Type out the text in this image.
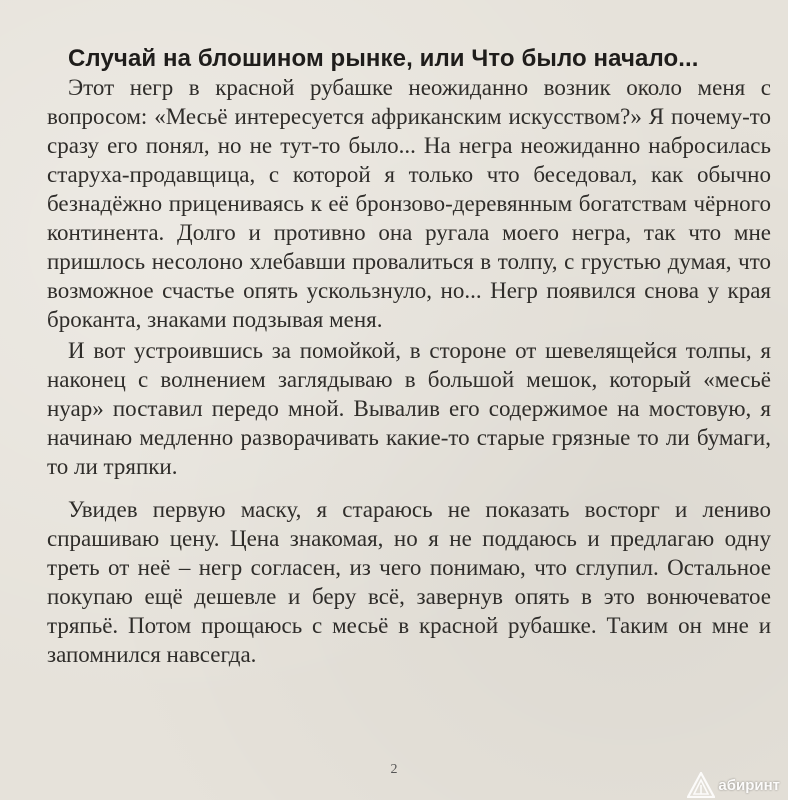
Случай на блошином рынке, или Что было начало...

Этот негр в красной рубашке неожиданно возник около меня с вопросом: «Месьё интересуется африканским искусством?» Я почему-то сразу его понял, но не тут-то было... На негра неожиданно набросилась старуха-продавщица, с которой я только что беседовал, как обычно безнадёжно прицениваясь к её бронзово-деревянным богатствам чёрного континента. Долго и противно она ругала моего негра, так что мне пришлось несолоно хлебавши провалиться в толпу, с грустью думая, что возможное счастье опять ускользнуло, но... Негр появился снова у края броканта, знаками подзывая меня.

И вот устроившись за помойкой, в стороне от шевелящейся толпы, я наконец с волнением заглядываю в большой мешок, который «месьё нуар» поставил передо мной. Вывалив его содержимое на мостовую, я начинаю медленно разворачивать какие-то старые грязные то ли бумаги, то ли тряпки.

Увидев первую маску, я стараюсь не показать восторг и лениво спрашиваю цену. Цена знакомая, но я не поддаюсь и предлагаю одну треть от неё – негр согласен, из чего понимаю, что сглупил. Остальное покупаю ещё дешевле и беру всё, завернув опять в это вонючеватое тряпьё. Потом прощаюсь с месьё в красной рубашке. Таким он мне и запомнился навсегда.

2
абиринт
